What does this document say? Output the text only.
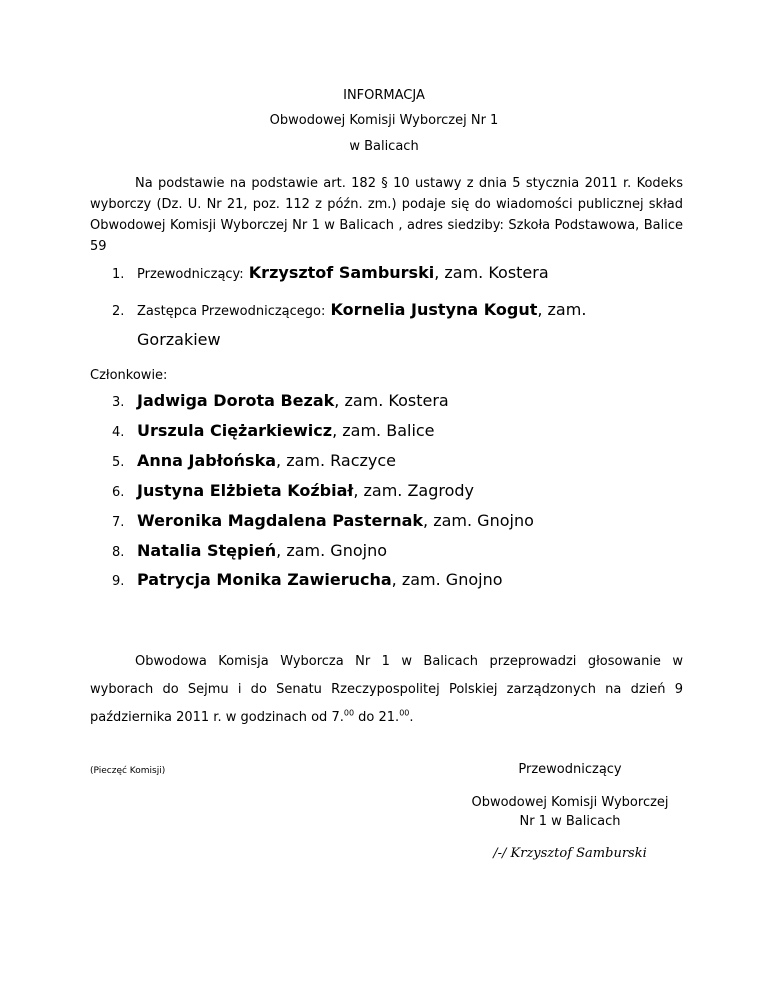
INFORMACJA
Obwodowej Komisji Wyborczej Nr 1
w Balicach

Na podstawie na podstawie art. 182 § 10 ustawy z dnia 5 stycznia 2011 r. Kodeks wyborczy (Dz. U. Nr 21, poz. 112 z późn. zm.) podaje się do wiadomości publicznej skład Obwodowej Komisji Wyborczej Nr 1 w Balicach , adres siedziby: Szkoła Podstawowa, Balice 59

1. Przewodniczący: Krzysztof Samburski, zam. Kostera
2. Zastępca Przewodniczącego: Kornelia Justyna Kogut, zam.
Gorzakiew
Członkowie:
3. Jadwiga Dorota Bezak, zam. Kostera
4. Urszula Ciężarkiewicz, zam. Balice
5. Anna Jabłońska, zam. Raczyce
6. Justyna Elżbieta Koźbiał, zam. Zagrody
7. Weronika Magdalena Pasternak, zam. Gnojno
8. Natalia Stępień, zam. Gnojno
9. Patrycja Monika Zawierucha, zam. Gnojno

Obwodowa Komisja Wyborcza Nr 1 w Balicach przeprowadzi głosowanie w wyborach do Sejmu i do Senatu Rzeczypospolitej Polskiej zarządzonych na dzień 9 października 2011 r. w godzinach od 7.00 do 21.00.

(Pieczęć Komisji)	Przewodniczący
Obwodowej Komisji Wyborczej
Nr 1 w Balicach
/-/ Krzysztof Samburski
